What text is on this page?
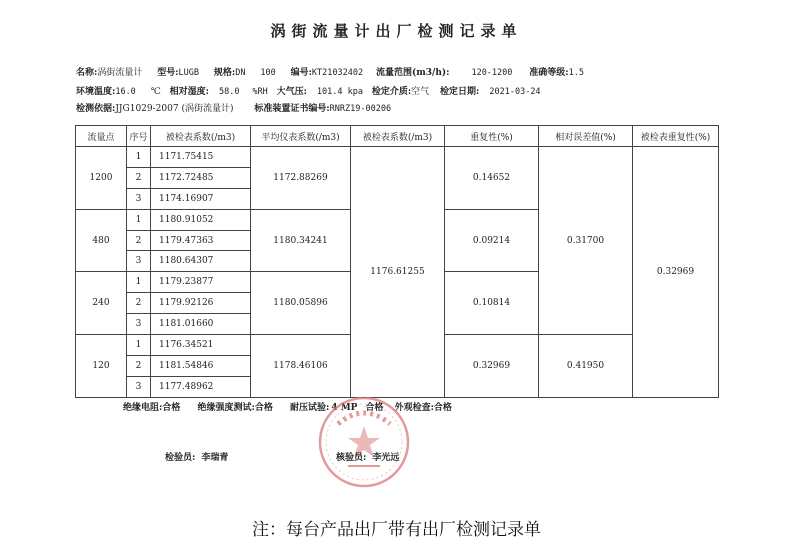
涡街流量计出厂检测记录单
名称:涡街流量计 型号:LUGB 规格:DN 100 编号:KT21032402 流量范围(m3/h):	120-1200 准确等级:1.5
环境温度:16.0 ℃ 相对湿度: 58.0 %RH 大气压: 101.4 kpa 检定介质:空气 检定日期: 2021-03-24
检测依据:JJG1029-2007 (涡街流量计) 标准装置证书编号:RNRZ19-00206
流量点	序号	被检表系数(/m3)	平均仪表系数(/m3)	被检表系数(/m3)	重复性(%)	相对误差值(%)	被检表重复性(%)
1200	1	1171.75415	1172.88269	1176.61255	0.14652	0.31700	0.32969
	2	1172.72485					
	3	1174.16907					
480	1	1180.91052	1180.34241		0.09214		
	2	1179.47363					
	3	1180.64307					
240	1	1179.23877	1180.05896		0.10814		
	2	1179.92126					
	3	1181.01660					
120	1	1176.34521	1178.46106		0.32969	0.41950	
	2	1181.54846					
	3	1177.48962					
绝缘电阻:合格 绝缘强度测试:合格 耐压试验: 4 MP 合格 外观检查:合格
检验员: 李瑞青	核验员: 李光远
注：每台产品出厂带有出厂检测记录单
